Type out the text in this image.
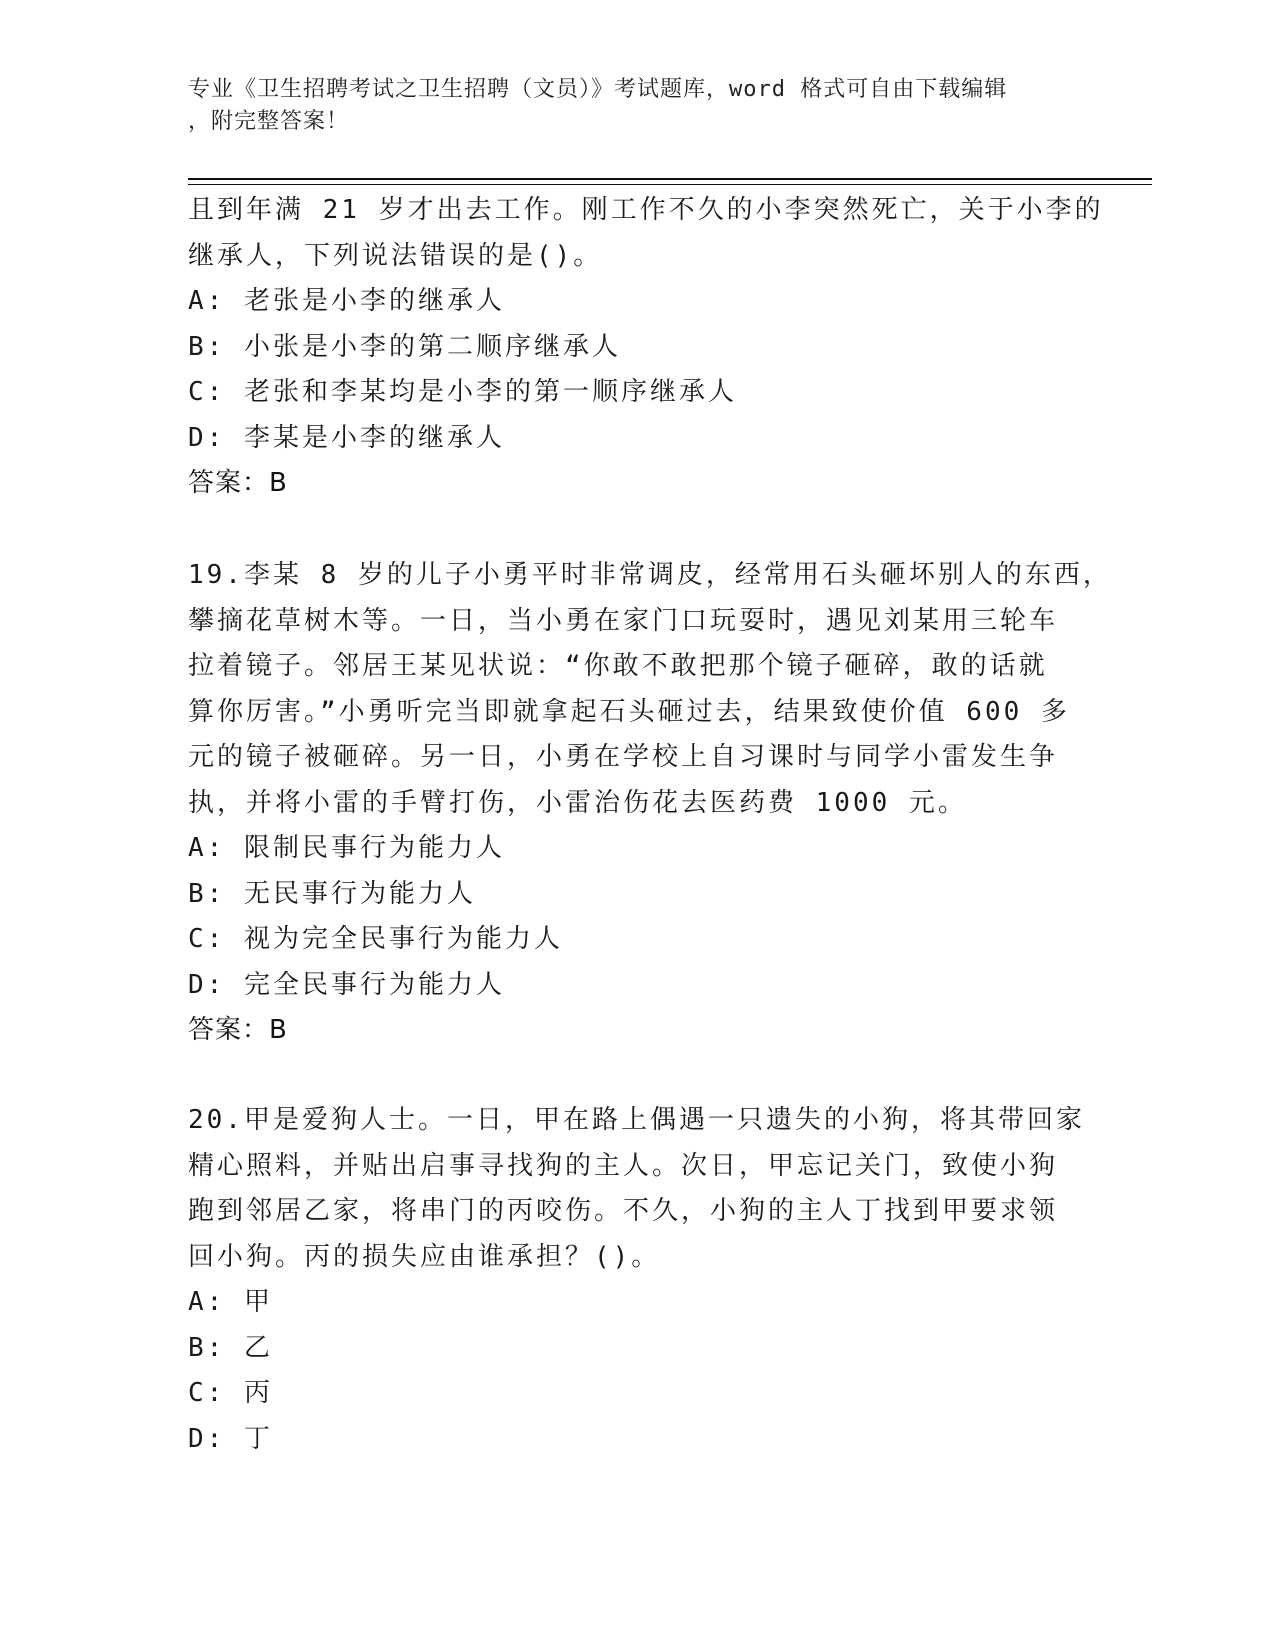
专业《卫生招聘考试之卫生招聘（文员）》考试题库，word 格式可自由下载编辑
，附完整答案！
且到年满 21 岁才出去工作。刚工作不久的小李突然死亡，关于小李的
继承人，下列说法错误的是()。
A: 老张是小李的继承人
B: 小张是小李的第二顺序继承人
C: 老张和李某均是小李的第一顺序继承人
D: 李某是小李的继承人
答案：B
19.李某 8 岁的儿子小勇平时非常调皮，经常用石头砸坏别人的东西，
攀摘花草树木等。一日，当小勇在家门口玩耍时，遇见刘某用三轮车
拉着镜子。邻居王某见状说：“你敢不敢把那个镜子砸碎，敢的话就
算你厉害。”小勇听完当即就拿起石头砸过去，结果致使价值 600 多
元的镜子被砸碎。另一日，小勇在学校上自习课时与同学小雷发生争
执，并将小雷的手臂打伤，小雷治伤花去医药费 1000 元。
A: 限制民事行为能力人
B: 无民事行为能力人
C: 视为完全民事行为能力人
D: 完全民事行为能力人
答案：B
20.甲是爱狗人士。一日，甲在路上偶遇一只遗失的小狗，将其带回家
精心照料，并贴出启事寻找狗的主人。次日，甲忘记关门，致使小狗
跑到邻居乙家，将串门的丙咬伤。不久，小狗的主人丁找到甲要求领
回小狗。丙的损失应由谁承担？()。
A: 甲
B: 乙
C: 丙
D: 丁
